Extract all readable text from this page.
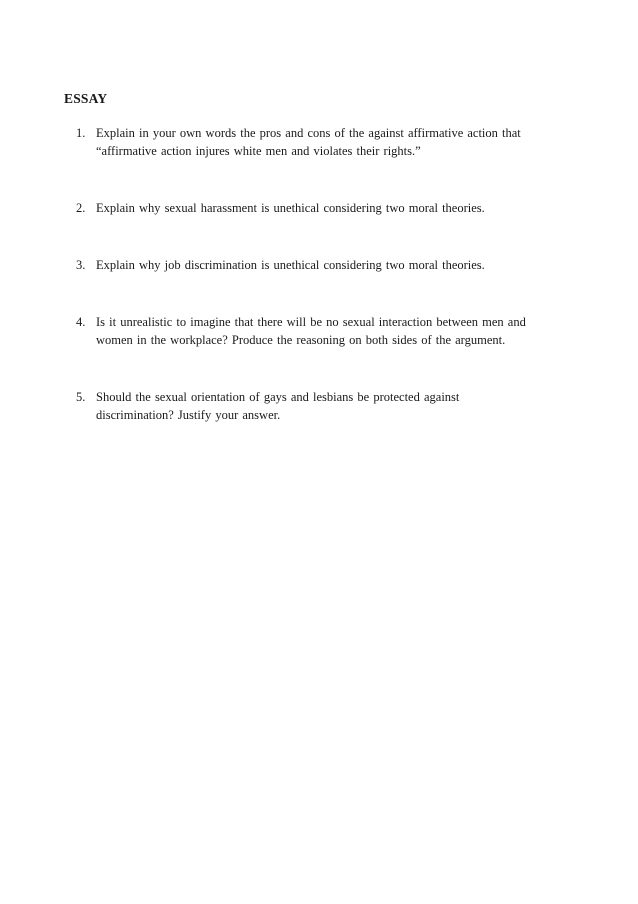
ESSAY
1. Explain in your own words the pros and cons of the against affirmative action that
“affirmative action injures white men and violates their rights.”
2. Explain why sexual harassment is unethical considering two moral theories.
3. Explain why job discrimination is unethical considering two moral theories.
4. Is it unrealistic to imagine that there will be no sexual interaction between men and
women in the workplace? Produce the reasoning on both sides of the argument.
5. Should the sexual orientation of gays and lesbians be protected against
discrimination? Justify your answer.
